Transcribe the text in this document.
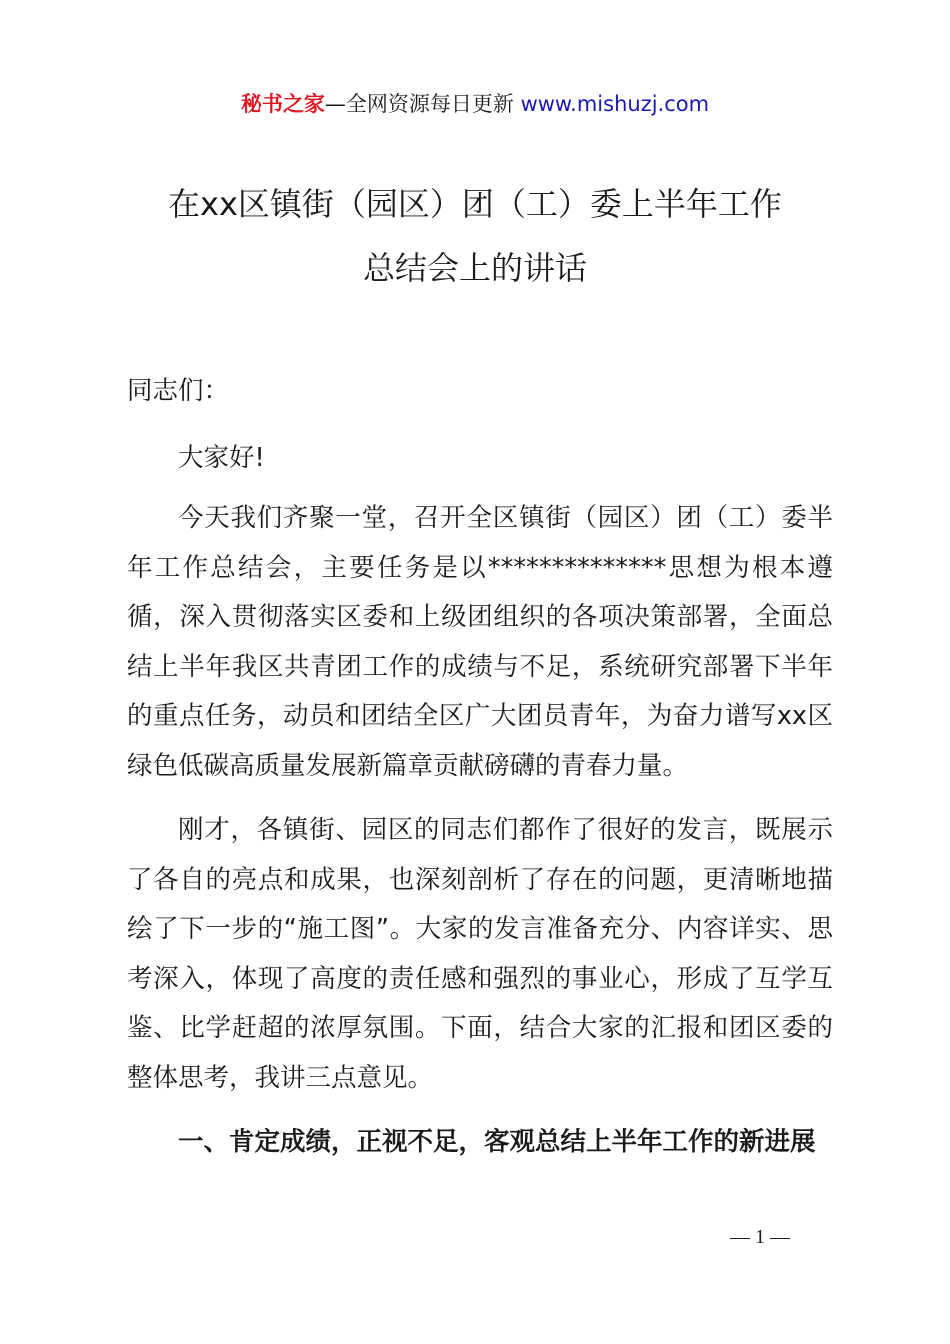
秘书之家—全网资源每日更新 www.mishuzj.com
在xx区镇街（园区）团（工）委上半年工作
总结会上的讲话
同志们：
大家好!

今天我们齐聚一堂，召开全区镇街（园区）团（工）委半年工作总结会，主要任务是以**************思想为根本遵循，深入贯彻落实区委和上级团组织的各项决策部署，全面总结上半年我区共青团工作的成绩与不足，系统研究部署下半年的重点任务，动员和团结全区广大团员青年，为奋力谱写xx区绿色低碳高质量发展新篇章贡献磅礴的青春力量。

刚才，各镇街、园区的同志们都作了很好的发言，既展示了各自的亮点和成果，也深刻剖析了存在的问题，更清晰地描绘了下一步的“施工图”。大家的发言准备充分、内容详实、思考深入，体现了高度的责任感和强烈的事业心，形成了互学互鉴、比学赶超的浓厚氛围。下面，结合大家的汇报和团区委的整体思考，我讲三点意见。

一、肯定成绩，正视不足，客观总结上半年工作的新进展
— 1 —
